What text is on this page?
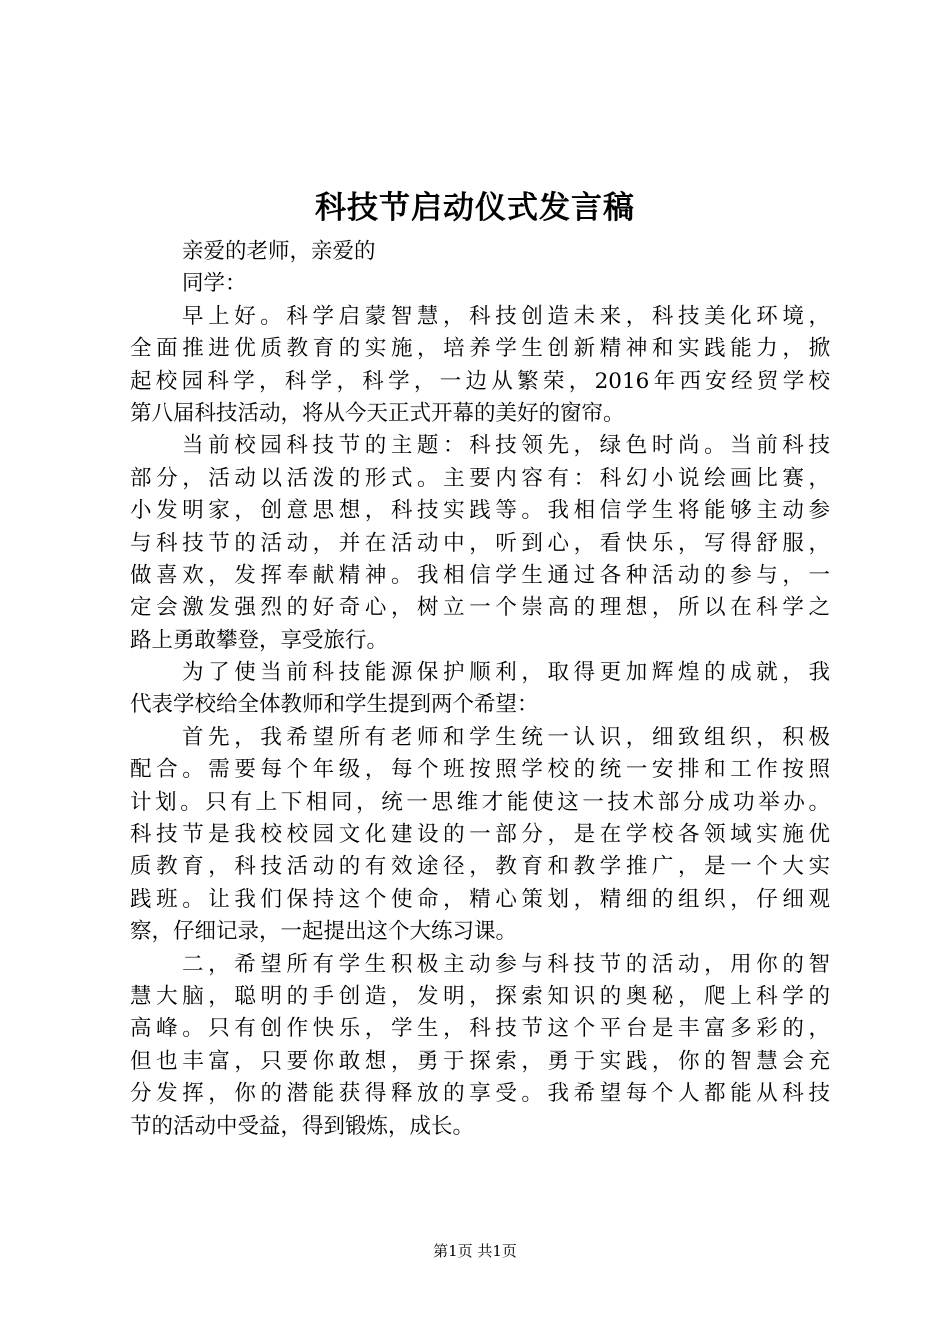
科技节启动仪式发言稿
亲爱的老师，亲爱的
同学：
早上好。科学启蒙智慧，科技创造未来，科技美化环境，
全面推进优质教育的实施，培养学生创新精神和实践能力，掀
起校园科学，科学，科学，一边从繁荣，2016年西安经贸学校
第八届科技活动，将从今天正式开幕的美好的窗帘。
当前校园科技节的主题：科技领先，绿色时尚。当前科技
部分，活动以活泼的形式。主要内容有：科幻小说绘画比赛，
小发明家，创意思想，科技实践等。我相信学生将能够主动参
与科技节的活动，并在活动中，听到心，看快乐，写得舒服，
做喜欢，发挥奉献精神。我相信学生通过各种活动的参与，一
定会激发强烈的好奇心，树立一个崇高的理想，所以在科学之
路上勇敢攀登，享受旅行。
为了使当前科技能源保护顺利，取得更加辉煌的成就，我
代表学校给全体教师和学生提到两个希望：
首先，我希望所有老师和学生统一认识，细致组织，积极
配合。需要每个年级，每个班按照学校的统一安排和工作按照
计划。只有上下相同，统一思维才能使这一技术部分成功举办。
科技节是我校校园文化建设的一部分，是在学校各领域实施优
质教育，科技活动的有效途径，教育和教学推广，是一个大实
践班。让我们保持这个使命，精心策划，精细的组织，仔细观
察，仔细记录，一起提出这个大练习课。
二，希望所有学生积极主动参与科技节的活动，用你的智
慧大脑，聪明的手创造，发明，探索知识的奥秘，爬上科学的
高峰。只有创作快乐，学生，科技节这个平台是丰富多彩的，
但也丰富，只要你敢想，勇于探索，勇于实践，你的智慧会充
分发挥，你的潜能获得释放的享受。我希望每个人都能从科技
节的活动中受益，得到锻炼，成长。
第1页 共1页
